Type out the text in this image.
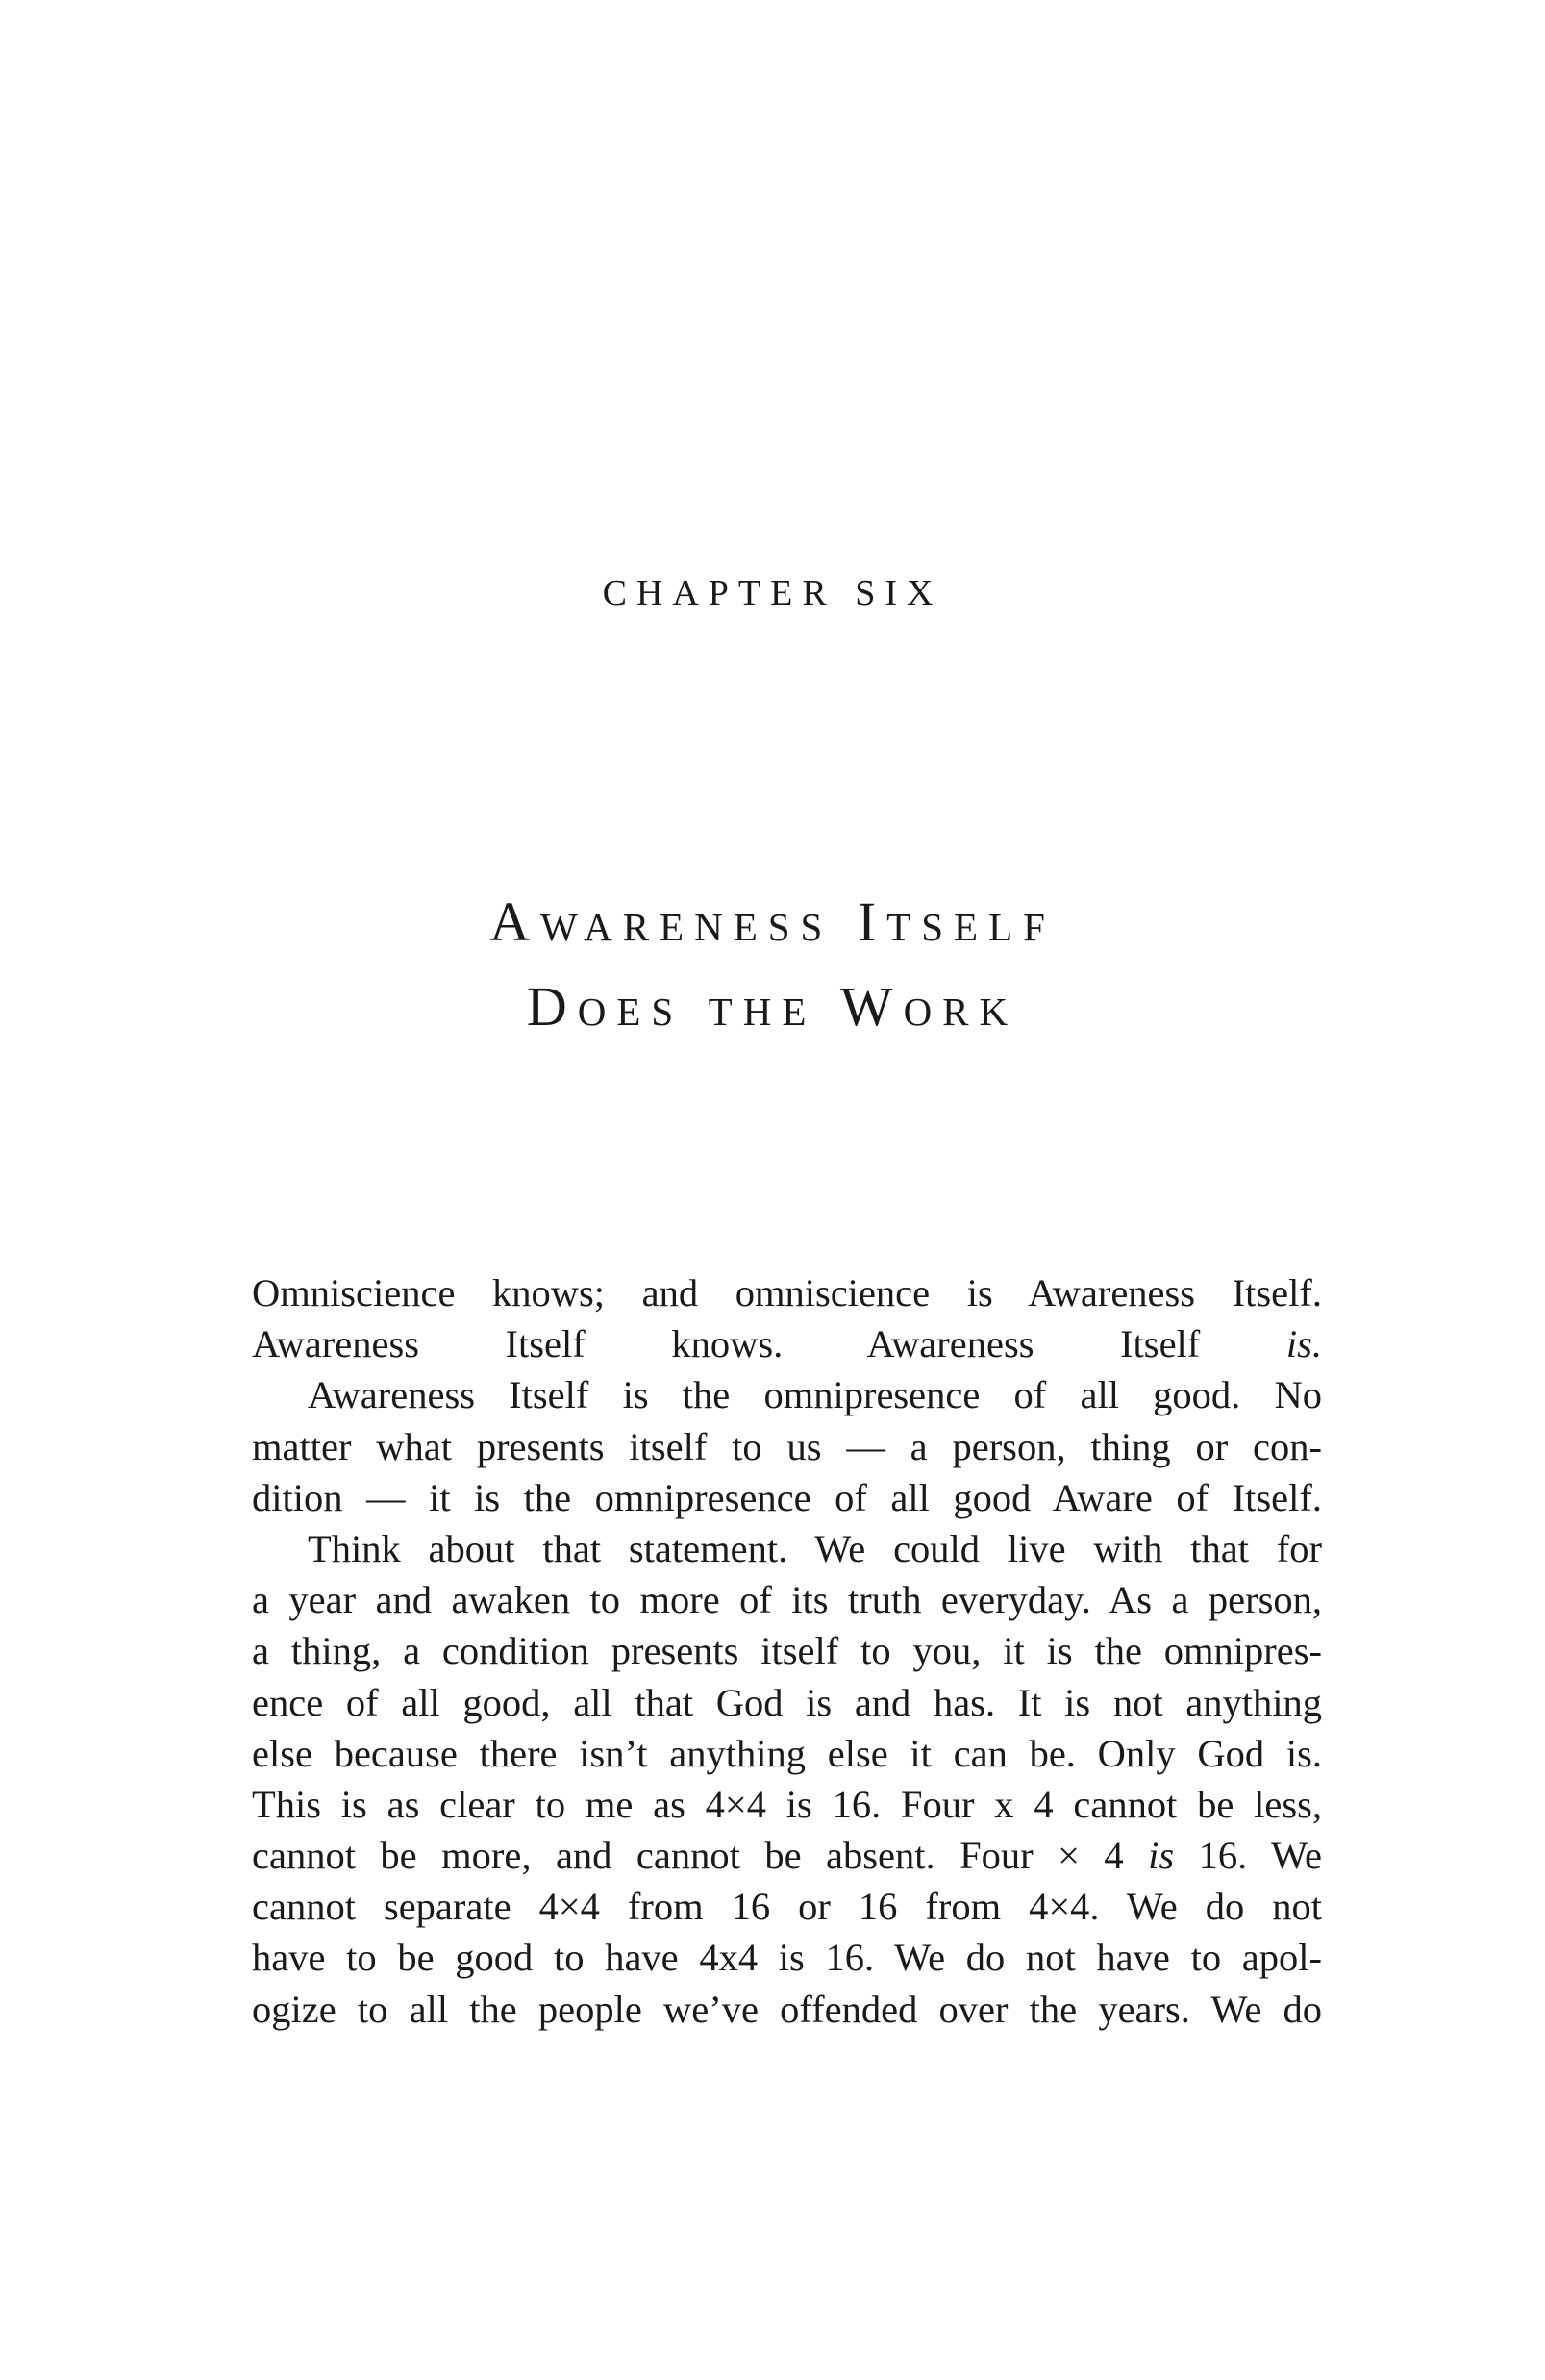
CHAPTER SIX
Awareness Itself
Does the Work
Omniscience knows; and omniscience is Awareness Itself.
Awareness Itself knows. Awareness Itself is.
Awareness Itself is the omnipresence of all good. No
matter what presents itself to us — a person, thing or con-
dition — it is the omnipresence of all good Aware of Itself.
Think about that statement. We could live with that for
a year and awaken to more of its truth everyday. As a person,
a thing, a condition presents itself to you, it is the omnipres-
ence of all good, all that God is and has. It is not anything
else because there isn’t anything else it can be. Only God is.
This is as clear to me as 4×4 is 16. Four x 4 cannot be less,
cannot be more, and cannot be absent. Four × 4 is 16. We
cannot separate 4×4 from 16 or 16 from 4×4. We do not
have to be good to have 4x4 is 16. We do not have to apol-
ogize to all the people we’ve offended over the years. We do
